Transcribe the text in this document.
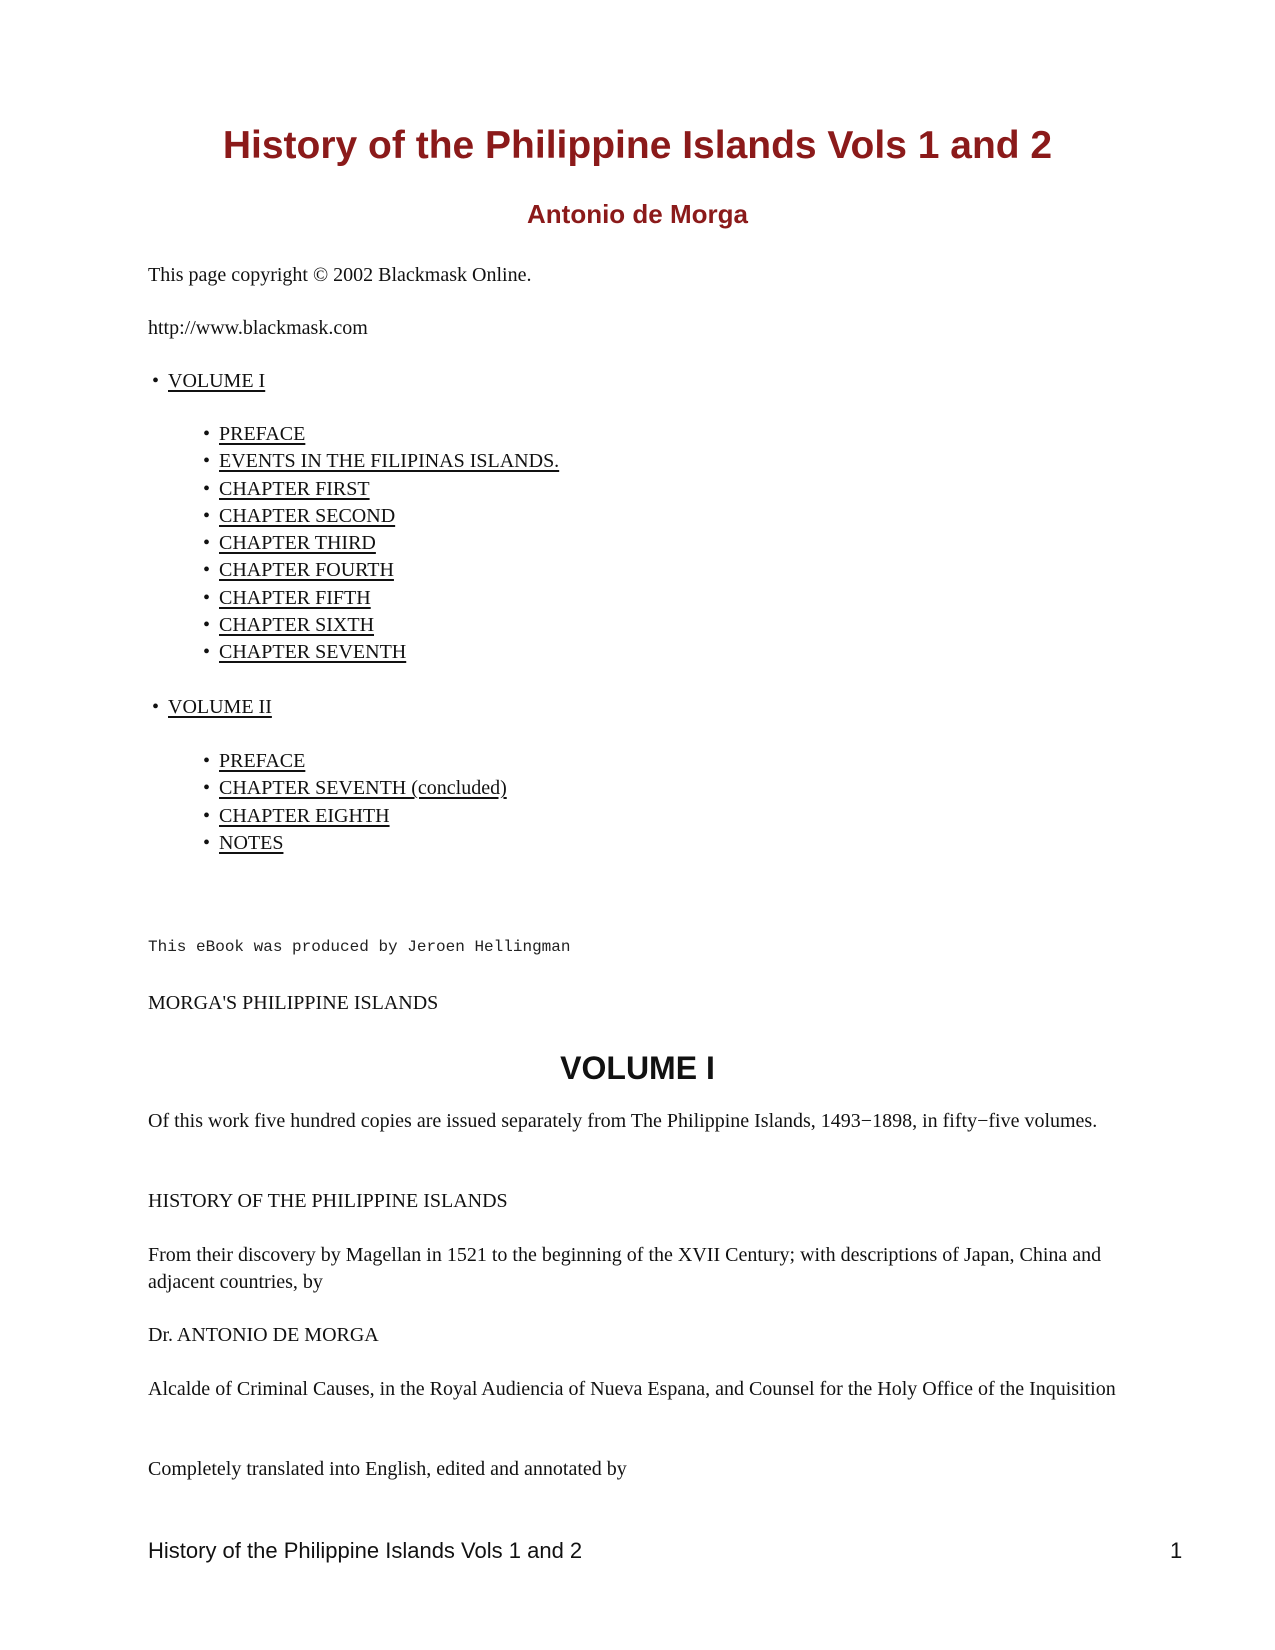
History of the Philippine Islands Vols 1 and 2
Antonio de Morga

This page copyright © 2002 Blackmask Online.

http://www.blackmask.com

• VOLUME I
• PREFACE
• EVENTS IN THE FILIPINAS ISLANDS.
• CHAPTER FIRST
• CHAPTER SECOND
• CHAPTER THIRD
• CHAPTER FOURTH
• CHAPTER FIFTH
• CHAPTER SIXTH
• CHAPTER SEVENTH
• VOLUME II
• PREFACE
• CHAPTER SEVENTH (concluded)
• CHAPTER EIGHTH
• NOTES

This eBook was produced by Jeroen Hellingman

MORGA'S PHILIPPINE ISLANDS

VOLUME I

Of this work five hundred copies are issued separately from The Philippine Islands, 1493−1898, in fifty−five volumes.

HISTORY OF THE PHILIPPINE ISLANDS

From their discovery by Magellan in 1521 to the beginning of the XVII Century; with descriptions of Japan, China and adjacent countries, by

Dr. ANTONIO DE MORGA

Alcalde of Criminal Causes, in the Royal Audiencia of Nueva Espana, and Counsel for the Holy Office of the Inquisition

Completely translated into English, edited and annotated by

History of the Philippine Islands Vols 1 and 2	1
